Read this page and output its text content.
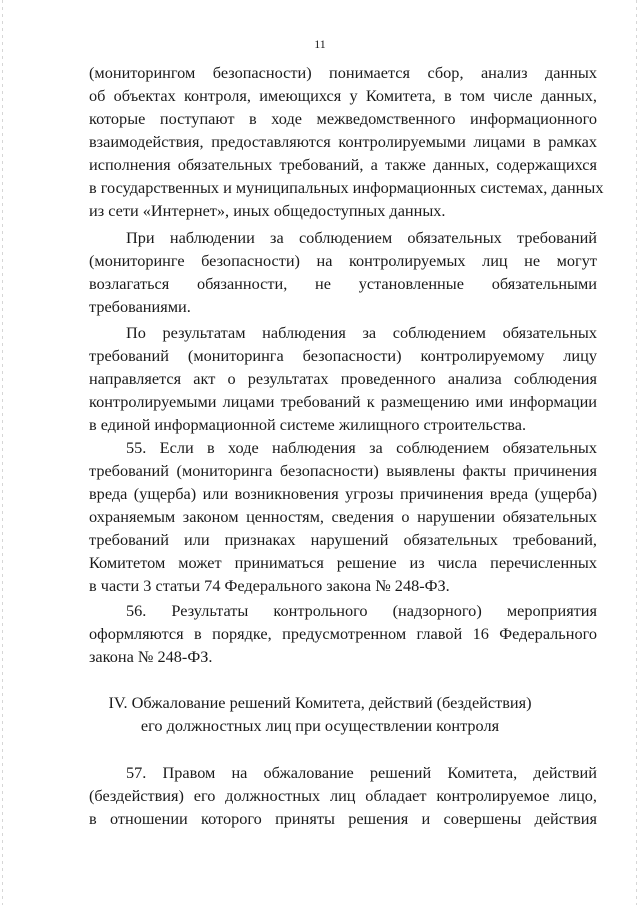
11
(мониторингом безопасности) понимается сбор, анализ данных
об объектах контроля, имеющихся у Комитета, в том числе данных,
которые поступают в ходе межведомственного информационного
взаимодействия, предоставляются контролируемыми лицами в рамках
исполнения обязательных требований, а также данных, содержащихся
в государственных и муниципальных информационных системах, данных
из сети «Интернет», иных общедоступных данных.
При наблюдении за соблюдением обязательных требований
(мониторинге безопасности) на контролируемых лиц не могут
возлагаться обязанности, не установленные обязательными
требованиями.
По результатам наблюдения за соблюдением обязательных
требований (мониторинга безопасности) контролируемому лицу
направляется акт о результатах проведенного анализа соблюдения
контролируемыми лицами требований к размещению ими информации
в единой информационной системе жилищного строительства.
55. Если в ходе наблюдения за соблюдением обязательных
требований (мониторинга безопасности) выявлены факты причинения
вреда (ущерба) или возникновения угрозы причинения вреда (ущерба)
охраняемым законом ценностям, сведения о нарушении обязательных
требований или признаках нарушений обязательных требований,
Комитетом может приниматься решение из числа перечисленных
в части 3 статьи 74 Федерального закона № 248-ФЗ.
56. Результаты контрольного (надзорного) мероприятия
оформляются в порядке, предусмотренном главой 16 Федерального
закона № 248-ФЗ.
IV. Обжалование решений Комитета, действий (бездействия)
его должностных лиц при осуществлении контроля
57. Правом на обжалование решений Комитета, действий
(бездействия) его должностных лиц обладает контролируемое лицо,
в отношении которого приняты решения и совершены действия
